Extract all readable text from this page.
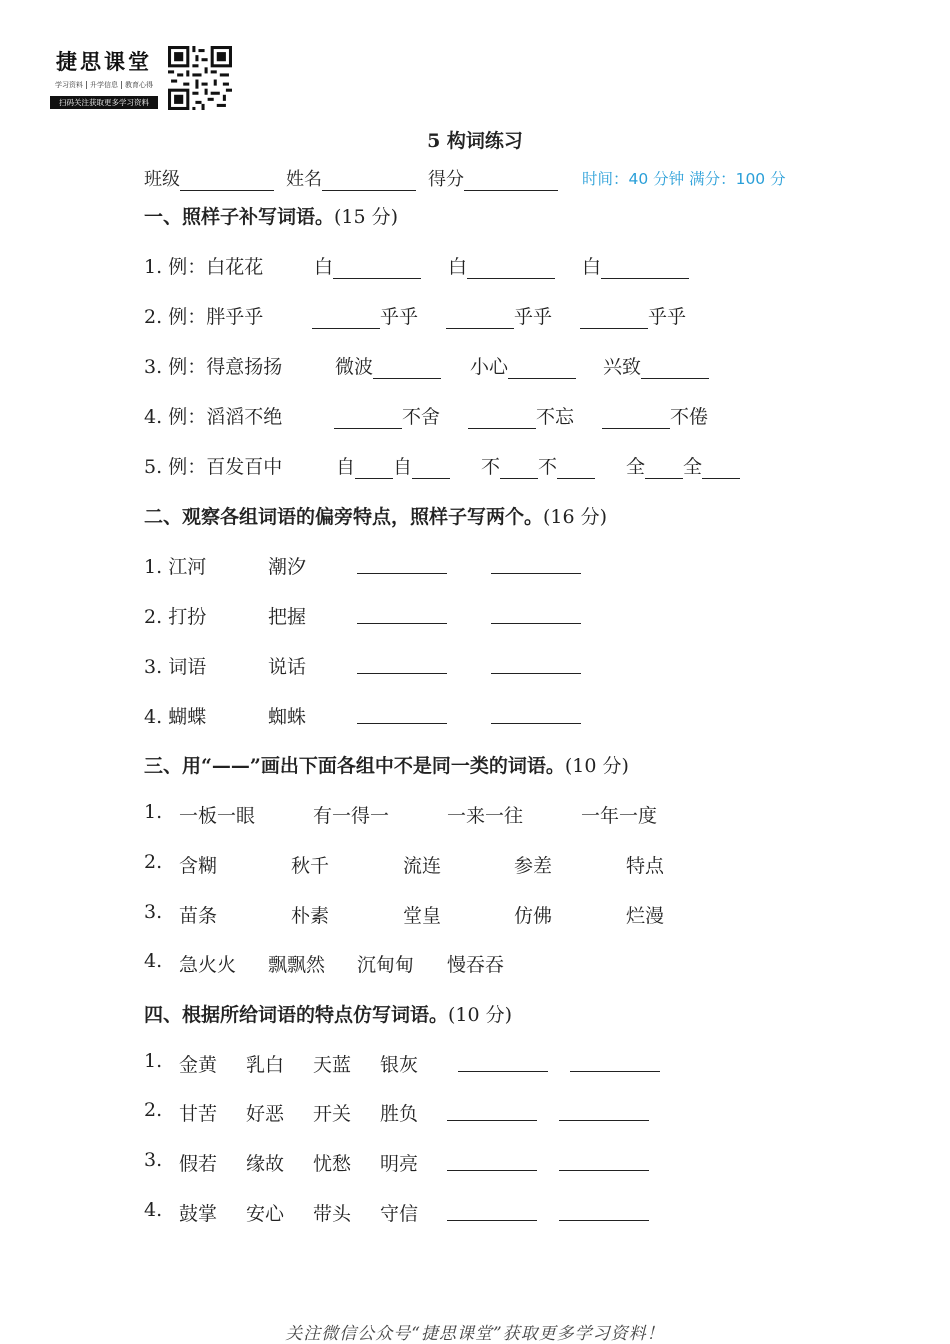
捷思课堂
学习资料 升学信息 教育心得
扫码关注获取更多学习资料
5 构词练习
班级	姓名	得分	时间：40 分钟 满分：100 分
一、照样子补写词语。(15 分)
1. 例：白花花	白	白	白
2. 例：胖乎乎	乎乎	乎乎	乎乎
3. 例：得意扬扬	微波	小心	兴致
4. 例：滔滔不绝	不舍	不忘	不倦
5. 例：百发百中	自 自	不 不	全 全
二、观察各组词语的偏旁特点，照样子写两个。(16 分)
1. 江河	潮汐
2. 打扮	把握
3. 词语	说话
4. 蝴蝶	蜘蛛
三、用“——”画出下面各组中不是同一类的词语。(10 分)
1. 一板一眼	有一得一	一来一往	一年一度
2. 含糊	秋千	流连	参差	特点
3. 苗条	朴素	堂皇	仿佛	烂漫
4. 急火火 飘飘然 沉甸甸 慢吞吞
四、根据所给词语的特点仿写词语。(10 分)
1. 金黄 乳白 天蓝 银灰
2. 甘苦 好恶 开关 胜负
3. 假若 缘故 忧愁 明亮
4. 鼓掌 安心 带头 守信
关注微信公众号“捷思课堂”获取更多学习资料！
